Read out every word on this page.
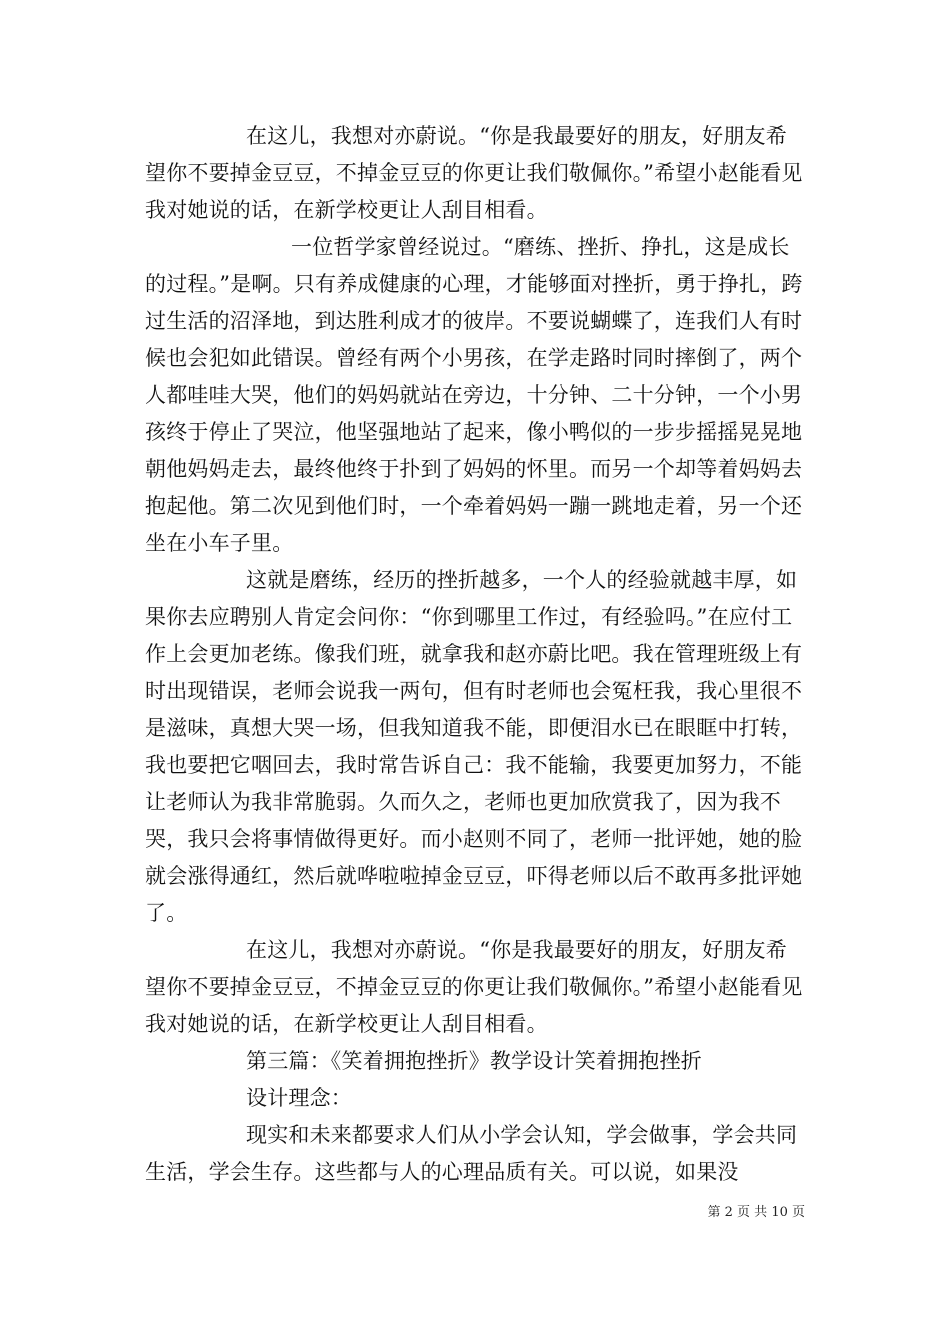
在这儿，我想对亦蔚说。“你是我最要好的朋友，好朋友希望你不要掉金豆豆，不掉金豆豆的你更让我们敬佩你。”希望小赵能看见我对她说的话，在新学校更让人刮目相看。

一位哲学家曾经说过。“磨练、挫折、挣扎，这是成长的过程。”是啊。只有养成健康的心理，才能够面对挫折，勇于挣扎，跨过生活的沼泽地，到达胜利成才的彼岸。不要说蝴蝶了，连我们人有时候也会犯如此错误。曾经有两个小男孩，在学走路时同时摔倒了，两个人都哇哇大哭，他们的妈妈就站在旁边，十分钟、二十分钟，一个小男孩终于停止了哭泣，他坚强地站了起来，像小鸭似的一步步摇摇晃晃地朝他妈妈走去，最终他终于扑到了妈妈的怀里。而另一个却等着妈妈去抱起他。第二次见到他们时，一个牵着妈妈一蹦一跳地走着，另一个还坐在小车子里。

这就是磨练，经历的挫折越多，一个人的经验就越丰厚，如果你去应聘别人肯定会问你：“你到哪里工作过，有经验吗。”在应付工作上会更加老练。像我们班，就拿我和赵亦蔚比吧。我在管理班级上有时出现错误，老师会说我一两句，但有时老师也会冤枉我，我心里很不是滋味，真想大哭一场，但我知道我不能，即便泪水已在眼眶中打转，我也要把它咽回去，我时常告诉自己：我不能输，我要更加努力，不能让老师认为我非常脆弱。久而久之，老师也更加欣赏我了，因为我不哭，我只会将事情做得更好。而小赵则不同了，老师一批评她，她的脸就会涨得通红，然后就哗啦啦掉金豆豆，吓得老师以后不敢再多批评她了。

在这儿，我想对亦蔚说。“你是我最要好的朋友，好朋友希望你不要掉金豆豆，不掉金豆豆的你更让我们敬佩你。”希望小赵能看见我对她说的话，在新学校更让人刮目相看。

第三篇：《笑着拥抱挫折》教学设计笑着拥抱挫折

设计理念：

现实和未来都要求人们从小学会认知，学会做事，学会共同生活，学会生存。这些都与人的心理品质有关。可以说，如果没

第 2 页 共 10 页
